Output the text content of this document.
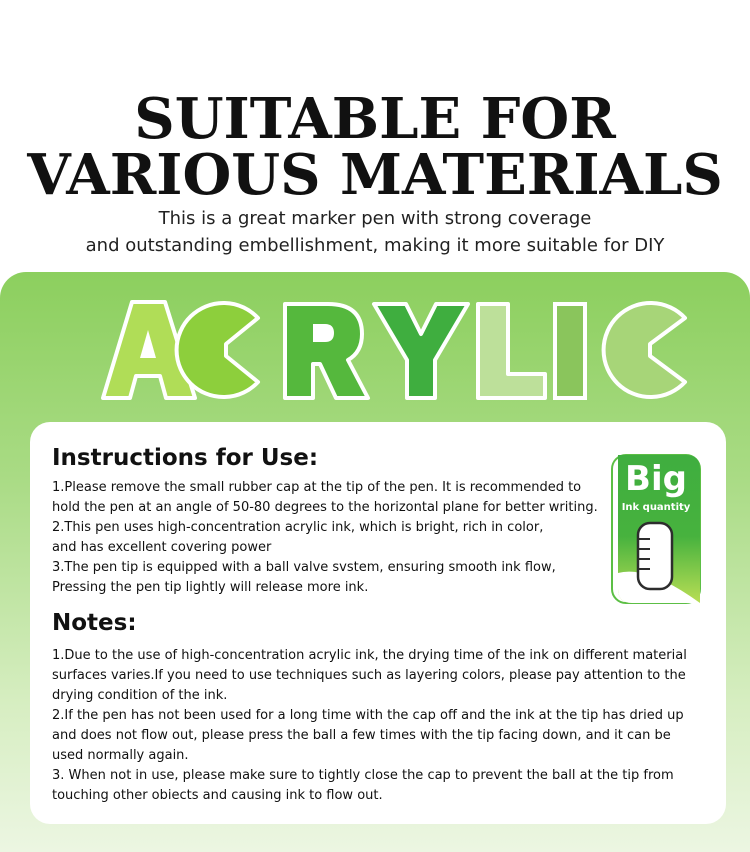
SUITABLE FOR
VARIOUS MATERIALS
This is a great marker pen with strong coverage
and outstanding embellishment, making it more suitable for DIY
Instructions for Use:
1.Please remove the small rubber cap at the tip of the pen. It is recommended to
hold the pen at an angle of 50-80 degrees to the horizontal plane for better writing.
2.This pen uses high-concentration acrylic ink, which is bright, rich in color,
and has excellent covering power
3.The pen tip is equipped with a ball valve svstem, ensuring smooth ink flow,
Pressing the pen tip lightly will release more ink.
Big
Ink quantity
Notes:
1.Due to the use of high-concentration acrylic ink, the drying time of the ink on different material
surfaces varies.If you need to use techniques such as layering colors, please pay attention to the
drying condition of the ink.
2.If the pen has not been used for a long time with the cap off and the ink at the tip has dried up
and does not flow out, please press the ball a few times with the tip facing down, and it can be
used normally again.
3. When not in use, please make sure to tightly close the cap to prevent the ball at the tip from
touching other obiects and causing ink to flow out.
